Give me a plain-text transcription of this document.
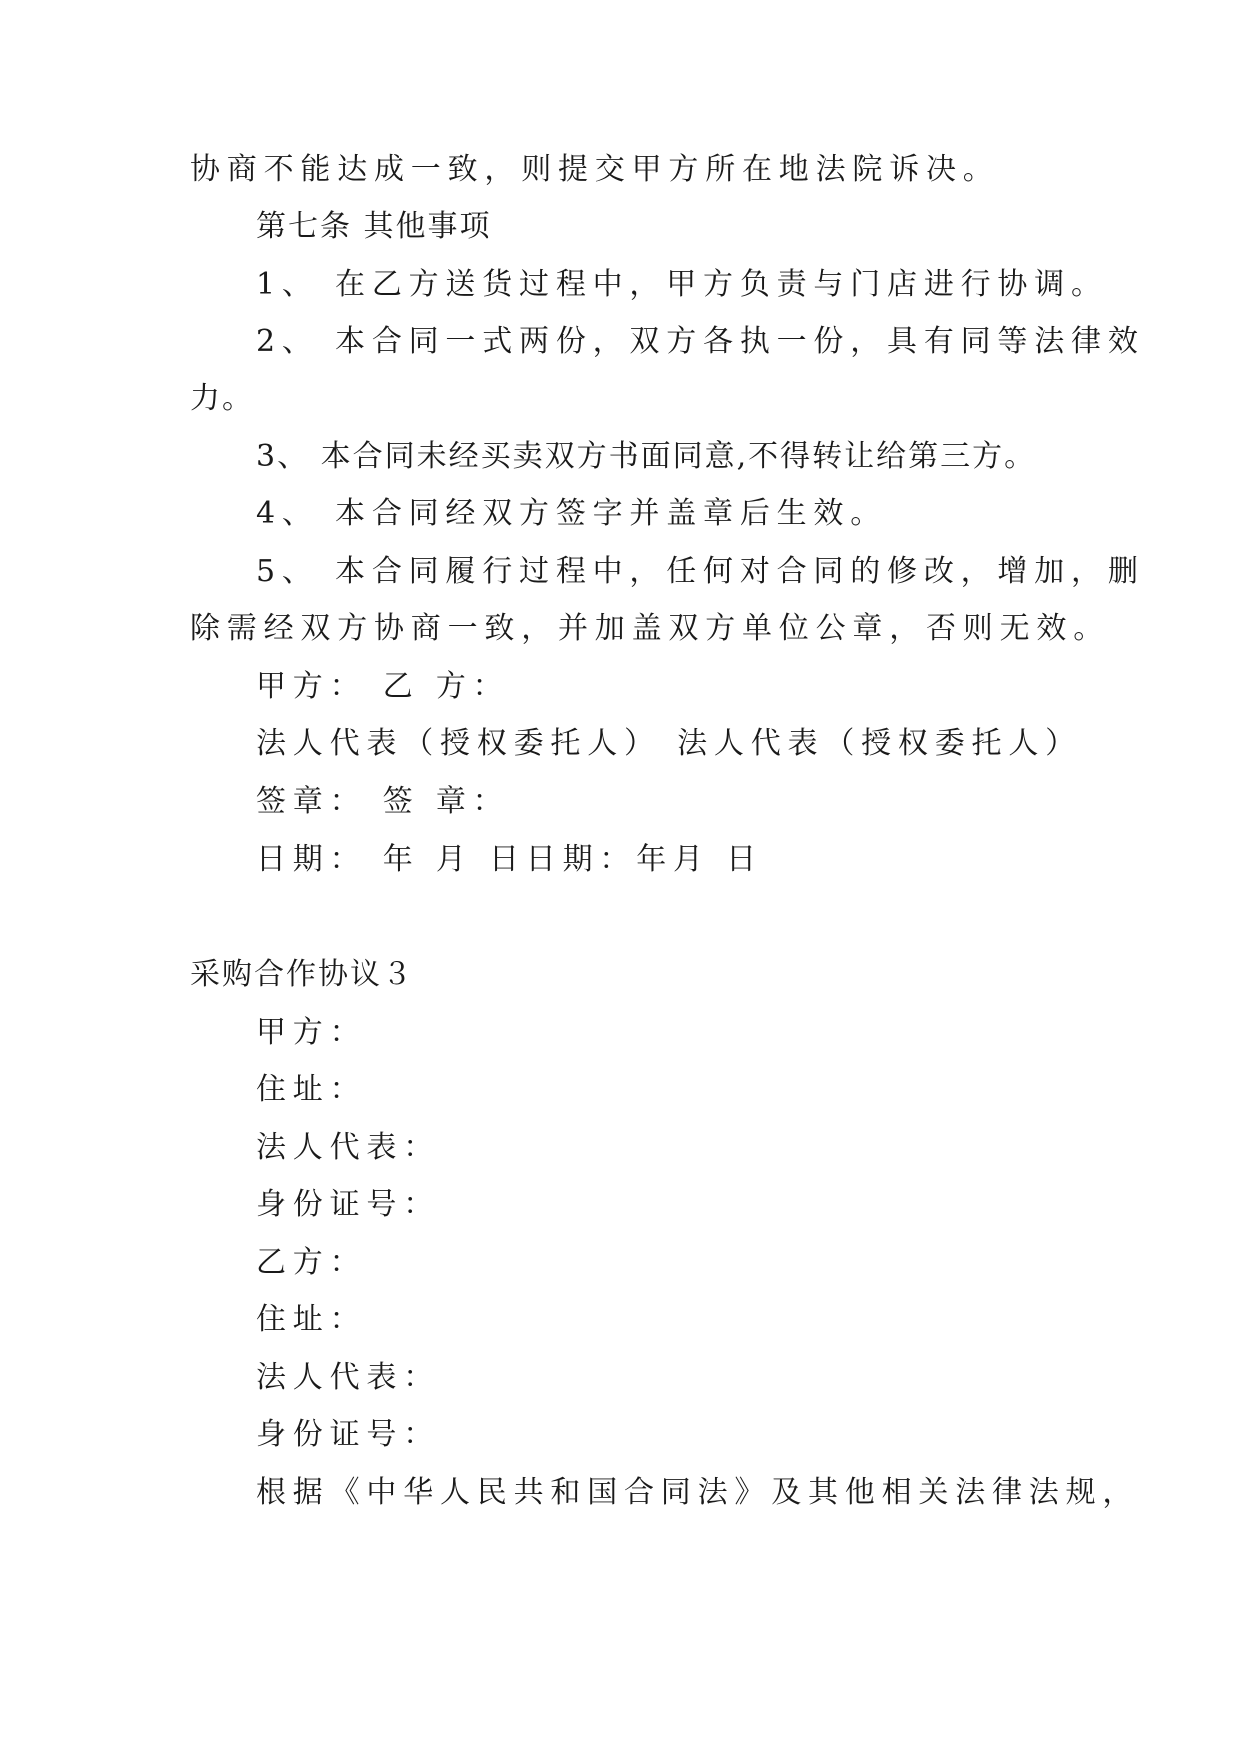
协商不能达成一致，则提交甲方所在地法院诉决。
第七条 其他事项
1、 在乙方送货过程中，甲方负责与门店进行协调。
2、 本合同一式两份，双方各执一份，具有同等法律效
力。
3、 本合同未经买卖双方书面同意,不得转让给第三方。
4、 本合同经双方签字并盖章后生效。
5、 本合同履行过程中，任何对合同的修改，增加，删
除需经双方协商一致，并加盖双方单位公章，否则无效。
甲方： 乙 方：
法人代表（授权委托人） 法人代表（授权委托人）
签章： 签 章：
日期： 年 月 日日期：年月 日
采购合作协议３
甲方：
住址：
法人代表：
身份证号：
乙方：
住址：
法人代表：
身份证号：
根据《中华人民共和国合同法》及其他相关法律法规，
